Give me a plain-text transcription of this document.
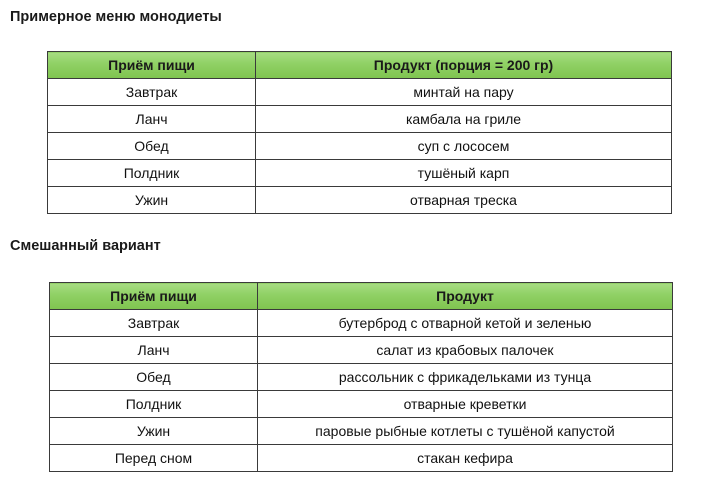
Примерное меню монодиеты
Приём пищи	Продукт (порция = 200 гр)
Завтрак	минтай на пару
Ланч	камбала на гриле
Обед	суп с лососем
Полдник	тушёный карп
Ужин	отварная треска
Смешанный вариант
Приём пищи	Продукт
Завтрак	бутерброд с отварной кетой и зеленью
Ланч	салат из крабовых палочек
Обед	рассольник с фрикадельками из тунца
Полдник	отварные креветки
Ужин	паровые рыбные котлеты с тушёной капустой
Перед сном	стакан кефира
